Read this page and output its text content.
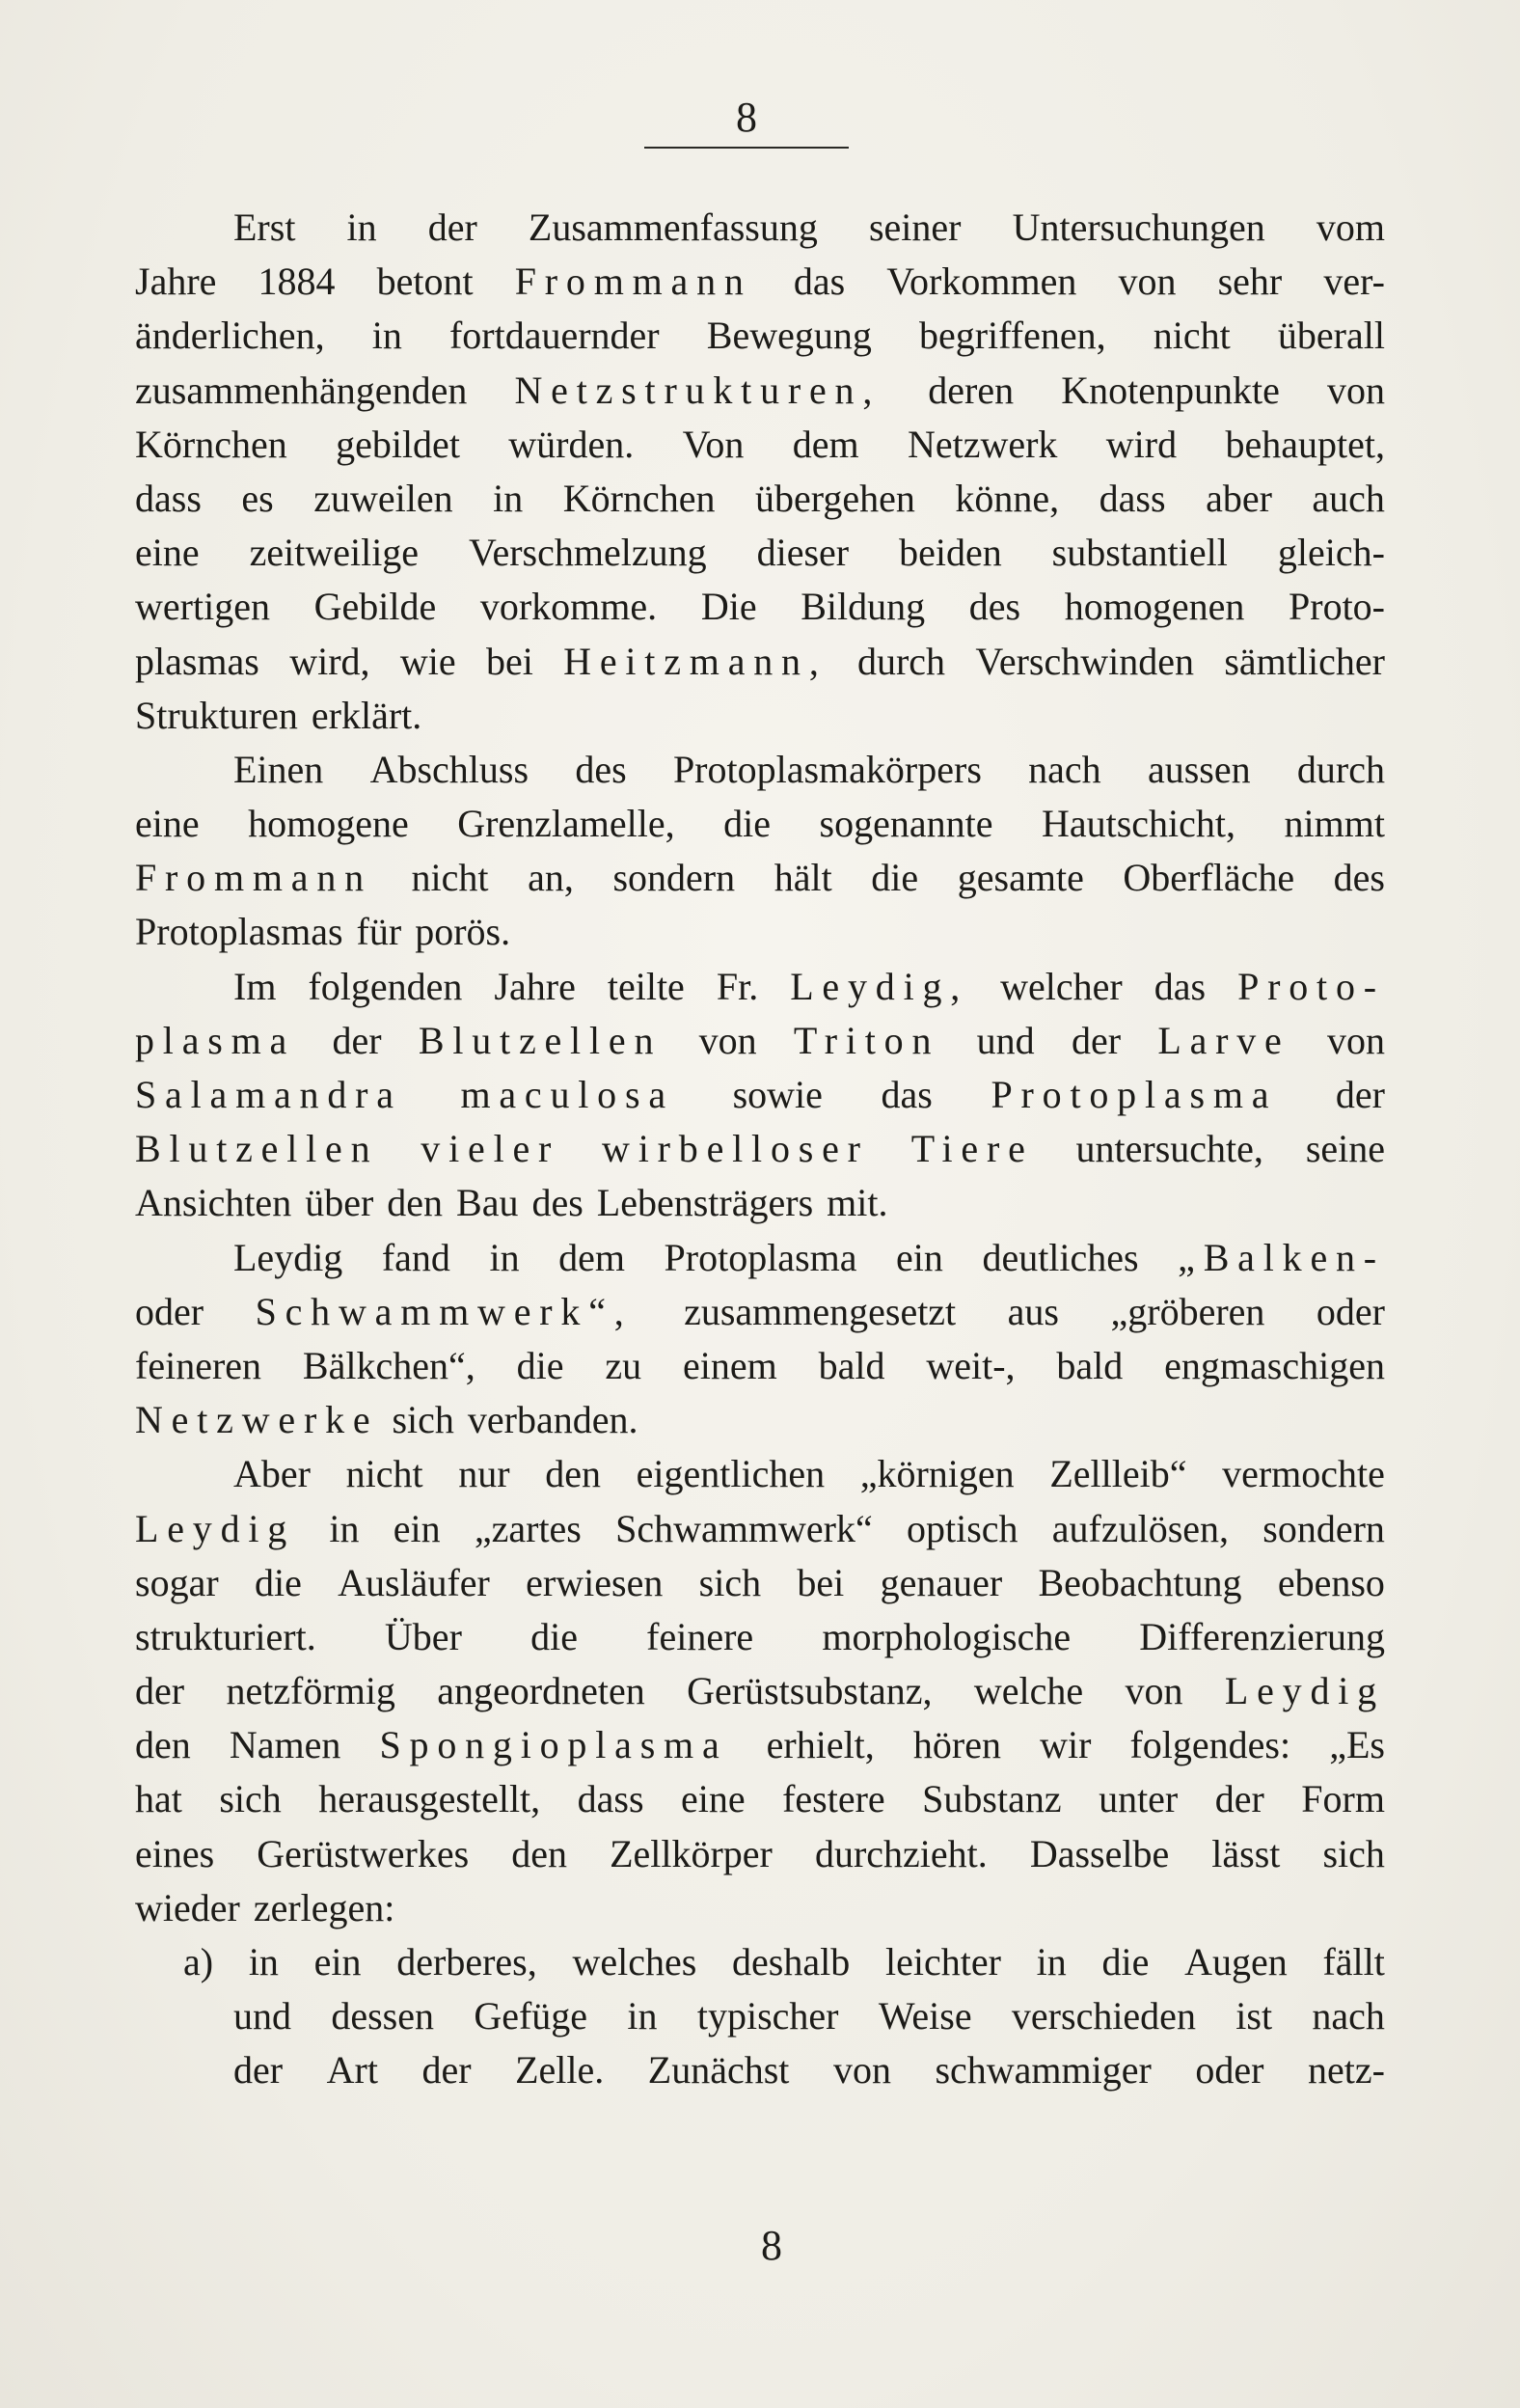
8
Erst in der Zusammenfassung seiner Untersuchungen vom
Jahre 1884 betont Frommann das Vorkommen von sehr ver-
änderlichen, in fortdauernder Bewegung begriffenen, nicht überall
zusammenhängenden Netzstrukturen, deren Knotenpunkte von
Körnchen gebildet würden. Von dem Netzwerk wird behauptet,
dass es zuweilen in Körnchen übergehen könne, dass aber auch
eine zeitweilige Verschmelzung dieser beiden substantiell gleich-
wertigen Gebilde vorkomme. Die Bildung des homogenen Proto-
plasmas wird, wie bei Heitzmann, durch Verschwinden sämtlicher
Strukturen erklärt.
Einen Abschluss des Protoplasmakörpers nach aussen durch
eine homogene Grenzlamelle, die sogenannte Hautschicht, nimmt
Frommann nicht an, sondern hält die gesamte Oberfläche des
Protoplasmas für porös.
Im folgenden Jahre teilte Fr. Leydig, welcher das Proto-
plasma der Blutzellen von Triton und der Larve von
Salamandra maculosa sowie das Protoplasma der
Blutzellen vieler wirbelloser Tiere untersuchte, seine
Ansichten über den Bau des Lebensträgers mit.
Leydig fand in dem Protoplasma ein deutliches „Balken-
oder Schwammwerk“, zusammengesetzt aus „gröberen oder
feineren Bälkchen“, die zu einem bald weit-, bald engmaschigen
Netzwerke sich verbanden.
Aber nicht nur den eigentlichen „körnigen Zellleib“ vermochte
Leydig in ein „zartes Schwammwerk“ optisch aufzulösen, sondern
sogar die Ausläufer erwiesen sich bei genauer Beobachtung ebenso
strukturiert. Über die feinere morphologische Differenzierung
der netzförmig angeordneten Gerüstsubstanz, welche von Leydig
den Namen Spongioplasma erhielt, hören wir folgendes: „Es
hat sich herausgestellt, dass eine festere Substanz unter der Form
eines Gerüstwerkes den Zellkörper durchzieht. Dasselbe lässt sich
wieder zerlegen:
a) in ein derberes, welches deshalb leichter in die Augen fällt
und dessen Gefüge in typischer Weise verschieden ist nach
der Art der Zelle. Zunächst von schwammiger oder netz-
8
